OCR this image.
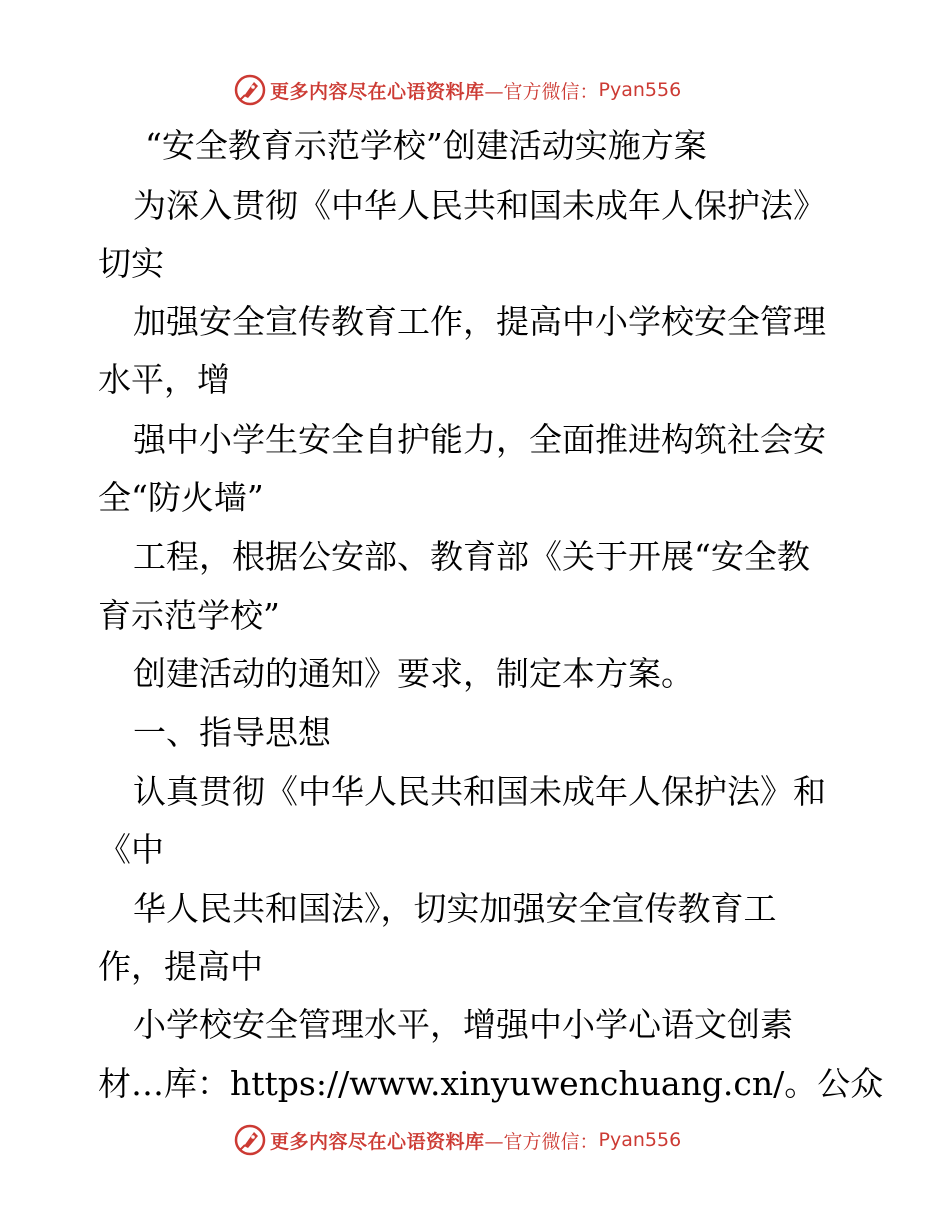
更多内容尽在心语资料库 —官方微信： Pyan556
“安全教育示范学校”创建活动实施方案
为深入贯彻《中华人民共和国未成年人保护法》
切实
加强安全宣传教育工作，提高中小学校安全管理
水平，增
强中小学生安全自护能力，全面推进构筑社会安
全“防火墙”
工程，根据公安部、教育部《关于开展“安全教
育示范学校”
创建活动的通知》要求，制定本方案。
一、指导思想
认真贯彻《中华人民共和国未成年人保护法》和
《中
华人民共和国法》，切实加强安全宣传教育工
作，提高中
小学校安全管理水平，增强中小学心语文创素
材…库：https://www.xinyuwenchuang.cn/。公众
更多内容尽在心语资料库 —官方微信： Pyan556
